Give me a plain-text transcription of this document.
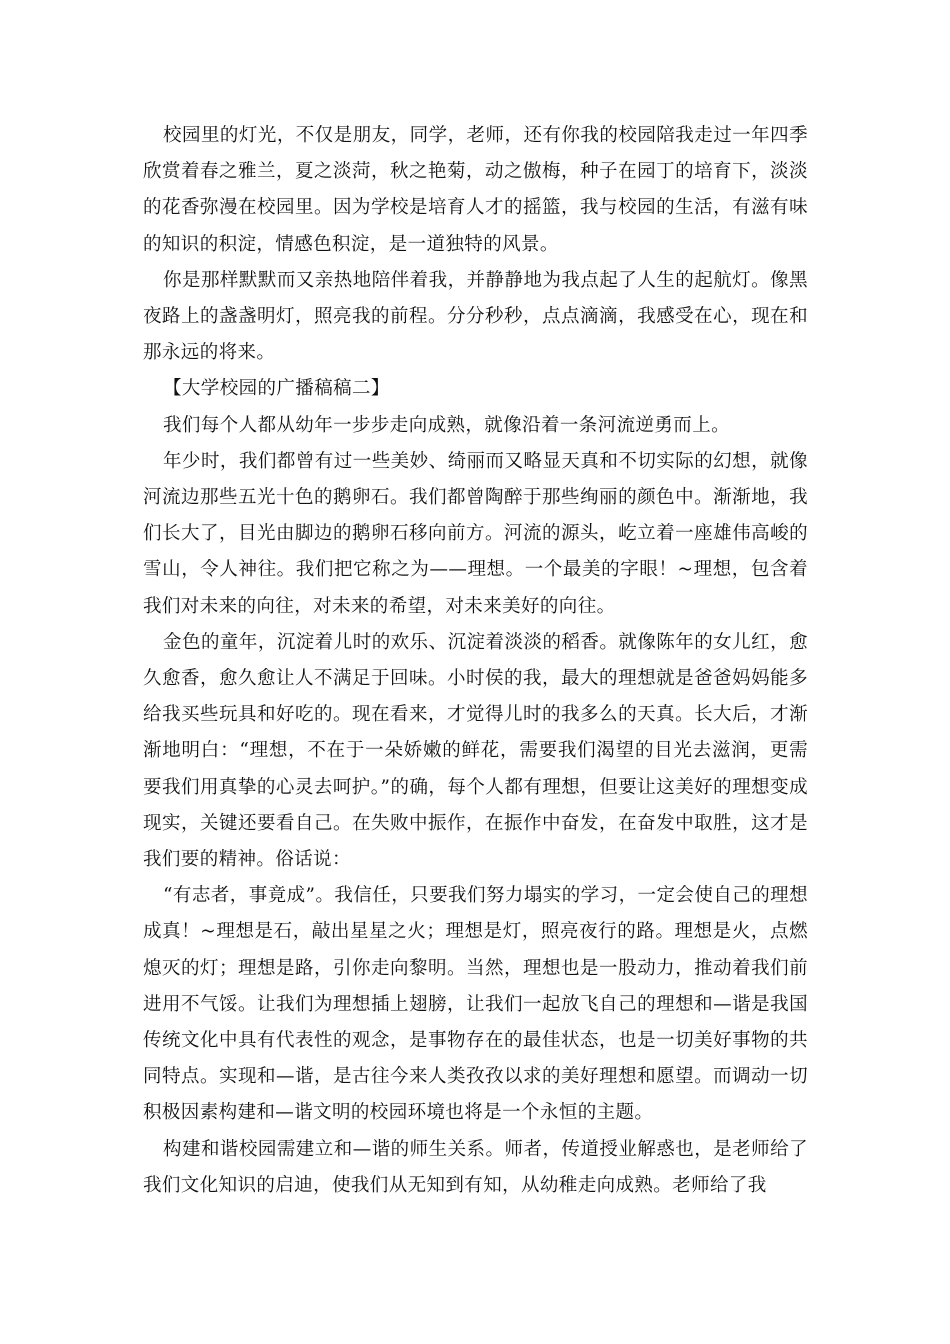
校园里的灯光，不仅是朋友，同学，老师，还有你我的校园陪我走过一年四季欣赏着春之雅兰，夏之淡菏，秋之艳菊，动之傲梅，种子在园丁的培育下，淡淡的花香弥漫在校园里。因为学校是培育人才的摇篮，我与校园的生活，有滋有味的知识的积淀，情感色积淀，是一道独特的风景。

你是那样默默而又亲热地陪伴着我，并静静地为我点起了人生的起航灯。像黑夜路上的盏盏明灯，照亮我的前程。分分秒秒，点点滴滴，我感受在心，现在和那永远的将来。

【大学校园的广播稿稿二】

我们每个人都从幼年一步步走向成熟，就像沿着一条河流逆勇而上。

年少时，我们都曾有过一些美妙、绮丽而又略显天真和不切实际的幻想，就像河流边那些五光十色的鹅卵石。我们都曾陶醉于那些绚丽的颜色中。渐渐地，我们长大了，目光由脚边的鹅卵石移向前方。河流的源头，屹立着一座雄伟高峻的雪山，令人神往。我们把它称之为——理想。一个最美的字眼！~理想，包含着我们对未来的向往，对未来的希望，对未来美好的向往。

金色的童年，沉淀着儿时的欢乐、沉淀着淡淡的稻香。就像陈年的女儿红，愈久愈香，愈久愈让人不满足于回味。小时侯的我，最大的理想就是爸爸妈妈能多给我买些玩具和好吃的。现在看来，才觉得儿时的我多么的天真。长大后，才渐渐地明白：“理想，不在于一朵娇嫩的鲜花，需要我们渴望的目光去滋润，更需要我们用真挚的心灵去呵护。”的确，每个人都有理想，但要让这美好的理想变成现实，关键还要看自己。在失败中振作，在振作中奋发，在奋发中取胜，这才是我们要的精神。俗话说：

“有志者，事竟成”。我信任，只要我们努力塌实的学习，一定会使自己的理想成真！~理想是石，敲出星星之火；理想是灯，照亮夜行的路。理想是火，点燃熄灭的灯；理想是路，引你走向黎明。当然，理想也是一股动力，推动着我们前进用不气馁。让我们为理想插上翅膀，让我们一起放飞自己的理想和—谐是我国传统文化中具有代表性的观念，是事物存在的最佳状态，也是一切美好事物的共同特点。实现和—谐，是古往今来人类孜孜以求的美好理想和愿望。而调动一切积极因素构建和—谐文明的校园环境也将是一个永恒的主题。

构建和谐校园需建立和—谐的师生关系。师者，传道授业解惑也，是老师给了我们文化知识的启迪，使我们从无知到有知，从幼稚走向成熟。老师给了我
